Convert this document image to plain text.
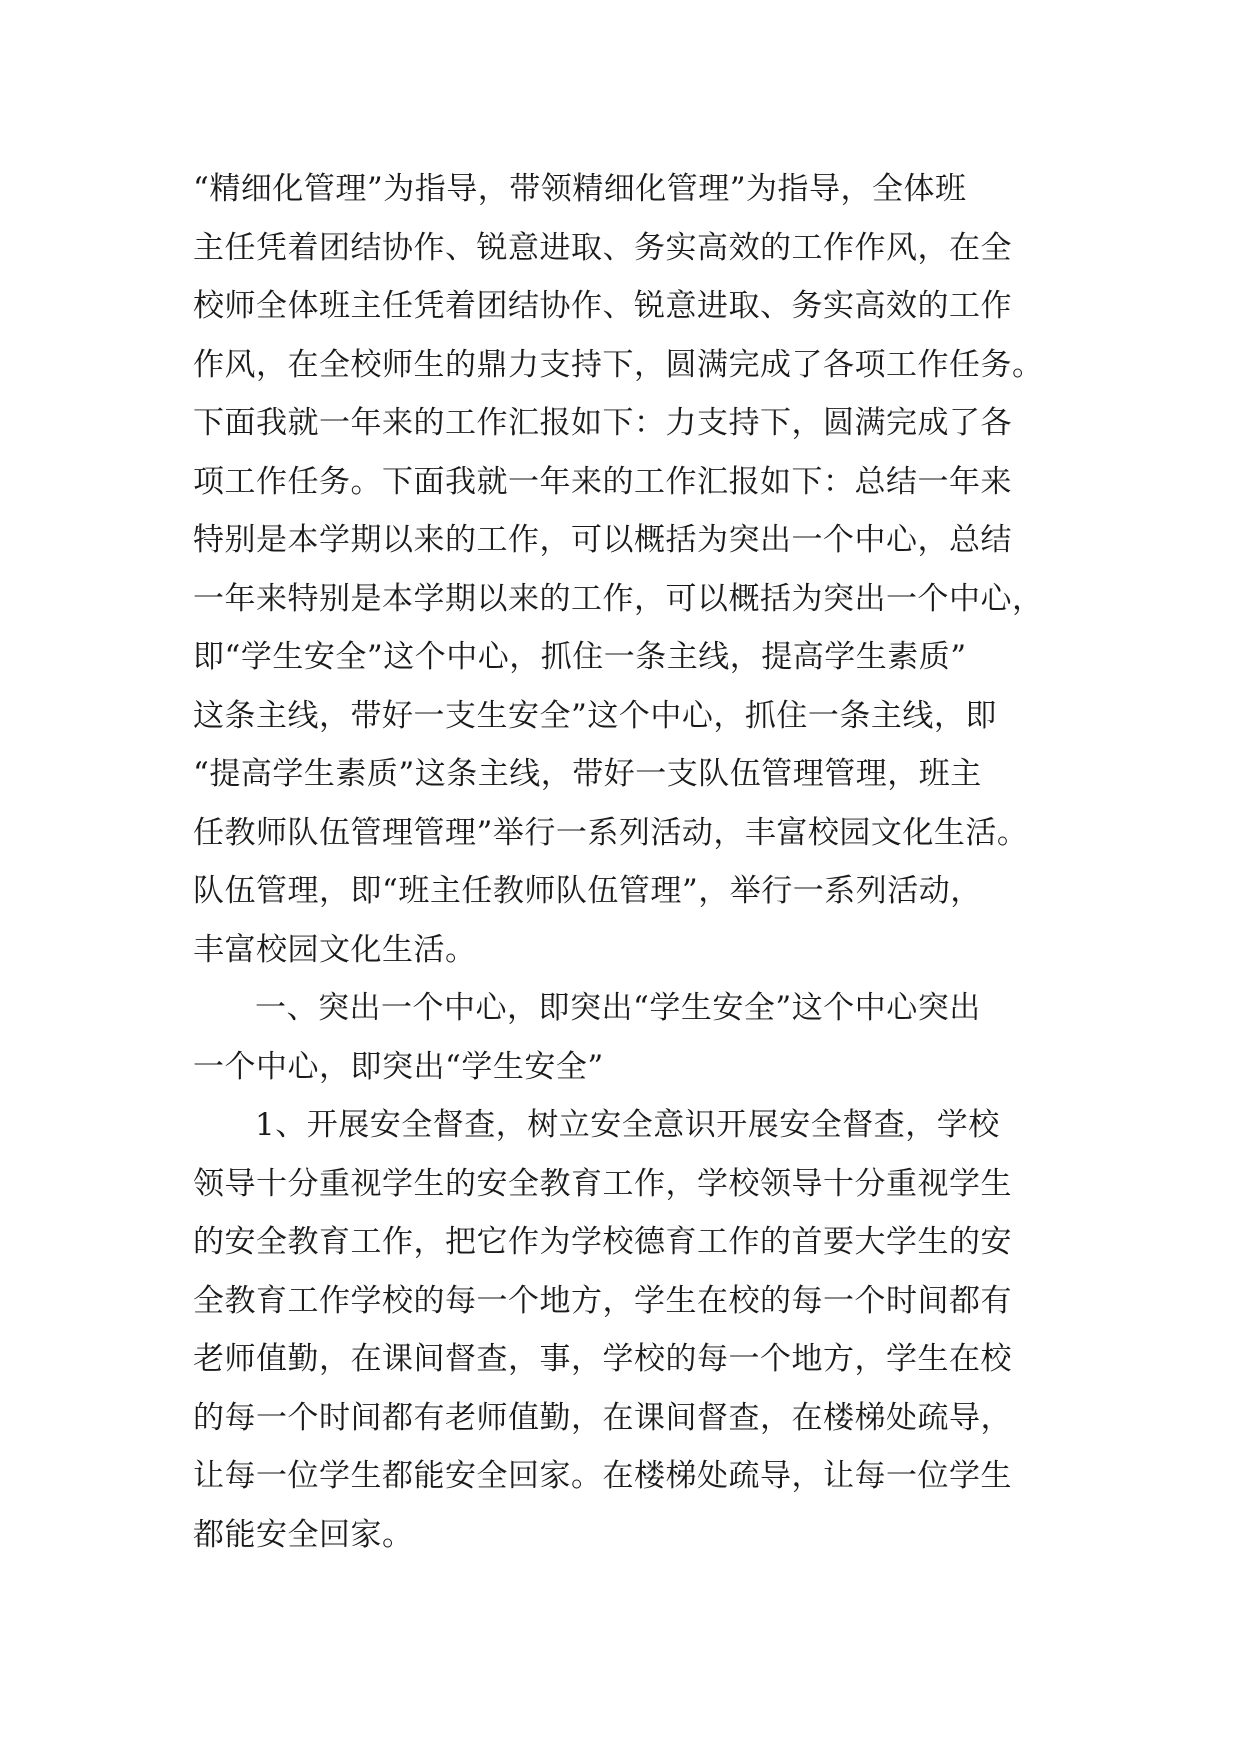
“精细化管理”为指导，带领精细化管理”为指导，全体班
主任凭着团结协作、锐意进取、务实高效的工作作风，在全
校师全体班主任凭着团结协作、锐意进取、务实高效的工作
作风，在全校师生的鼎力支持下，圆满完成了各项工作任务。
下面我就一年来的工作汇报如下：力支持下，圆满完成了各
项工作任务。下面我就一年来的工作汇报如下：总结一年来
特别是本学期以来的工作，可以概括为突出一个中心，总结
一年来特别是本学期以来的工作，可以概括为突出一个中心，
即“学生安全”这个中心，抓住一条主线，提高学生素质”
这条主线，带好一支生安全”这个中心，抓住一条主线，即
“提高学生素质”这条主线，带好一支队伍管理管理，班主
任教师队伍管理管理”举行一系列活动，丰富校园文化生活。
队伍管理，即“班主任教师队伍管理”，举行一系列活动，
丰富校园文化生活。
一、突出一个中心，即突出“学生安全”这个中心突出
一个中心，即突出“学生安全”
1、开展安全督查，树立安全意识开展安全督查，学校
领导十分重视学生的安全教育工作，学校领导十分重视学生
的安全教育工作，把它作为学校德育工作的首要大学生的安
全教育工作学校的每一个地方，学生在校的每一个时间都有
老师值勤，在课间督查，事，学校的每一个地方，学生在校
的每一个时间都有老师值勤，在课间督查，在楼梯处疏导，
让每一位学生都能安全回家。在楼梯处疏导，让每一位学生
都能安全回家。
